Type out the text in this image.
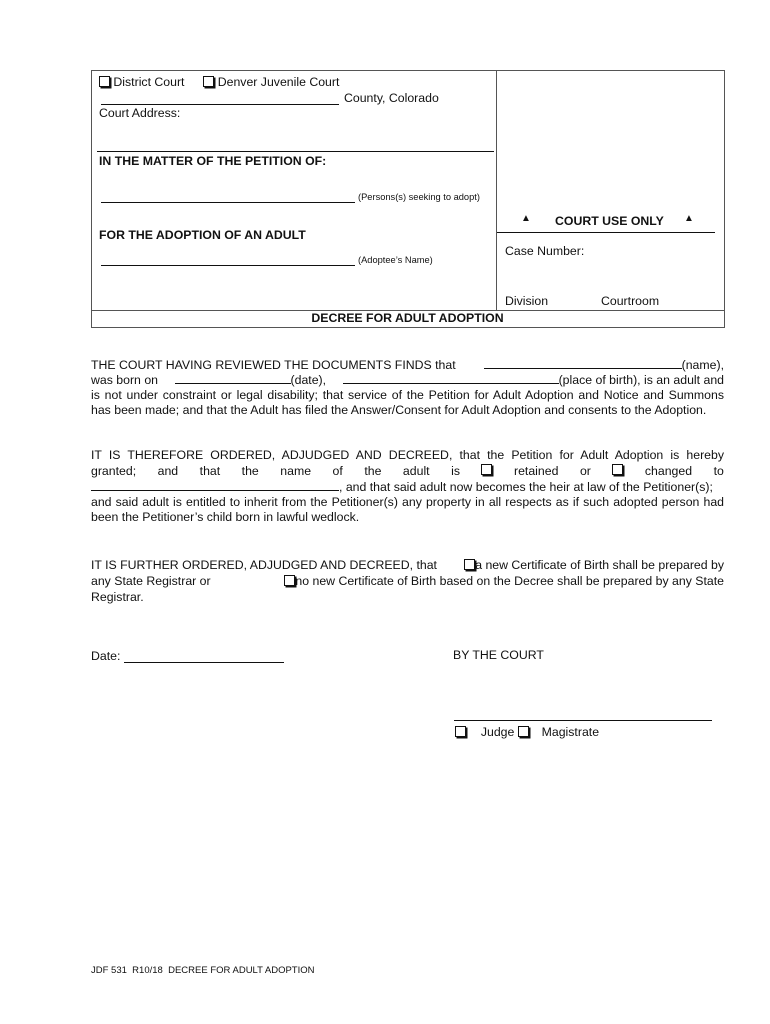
District Court	Denver Juvenile Court
County, Colorado
Court Address:
IN THE MATTER OF THE PETITION OF:
(Persons(s) seeking to adopt)
FOR THE ADOPTION OF AN ADULT
(Adoptee’s Name)
▲ COURT USE ONLY ▲
Case Number:
Division	Courtroom
DECREE FOR ADULT ADOPTION

THE COURT HAVING REVIEWED THE DOCUMENTS FINDS that	(name),

was born on	(date),	(place of birth), is an adult and

is not under constraint or legal disability; that service of the Petition for Adult Adoption and Notice and Summons

has been made; and that the Adult has filed the Answer/Consent for Adult Adoption and consents to the Adoption.

IT IS THEREFORE ORDERED, ADJUDGED AND DECREED, that the Petition for Adult Adoption is hereby

granted; and that the name of the adult is	retained or	changed to

, and that said adult now becomes the heir at law of the Petitioner(s);

and said adult is entitled to inherit from the Petitioner(s) any property in all respects as if such adopted person had

been the Petitioner’s child born in lawful wedlock.

IT IS FURTHER ORDERED, ADJUDGED AND DECREED, that	a new Certificate of Birth shall be prepared by

any State Registrar or	no new Certificate of Birth based on the Decree shall be prepared by any State

Registrar.

Date:	BY THE COURT
Judge Magistrate
JDF 531  R10/18  DECREE FOR ADULT ADOPTION
